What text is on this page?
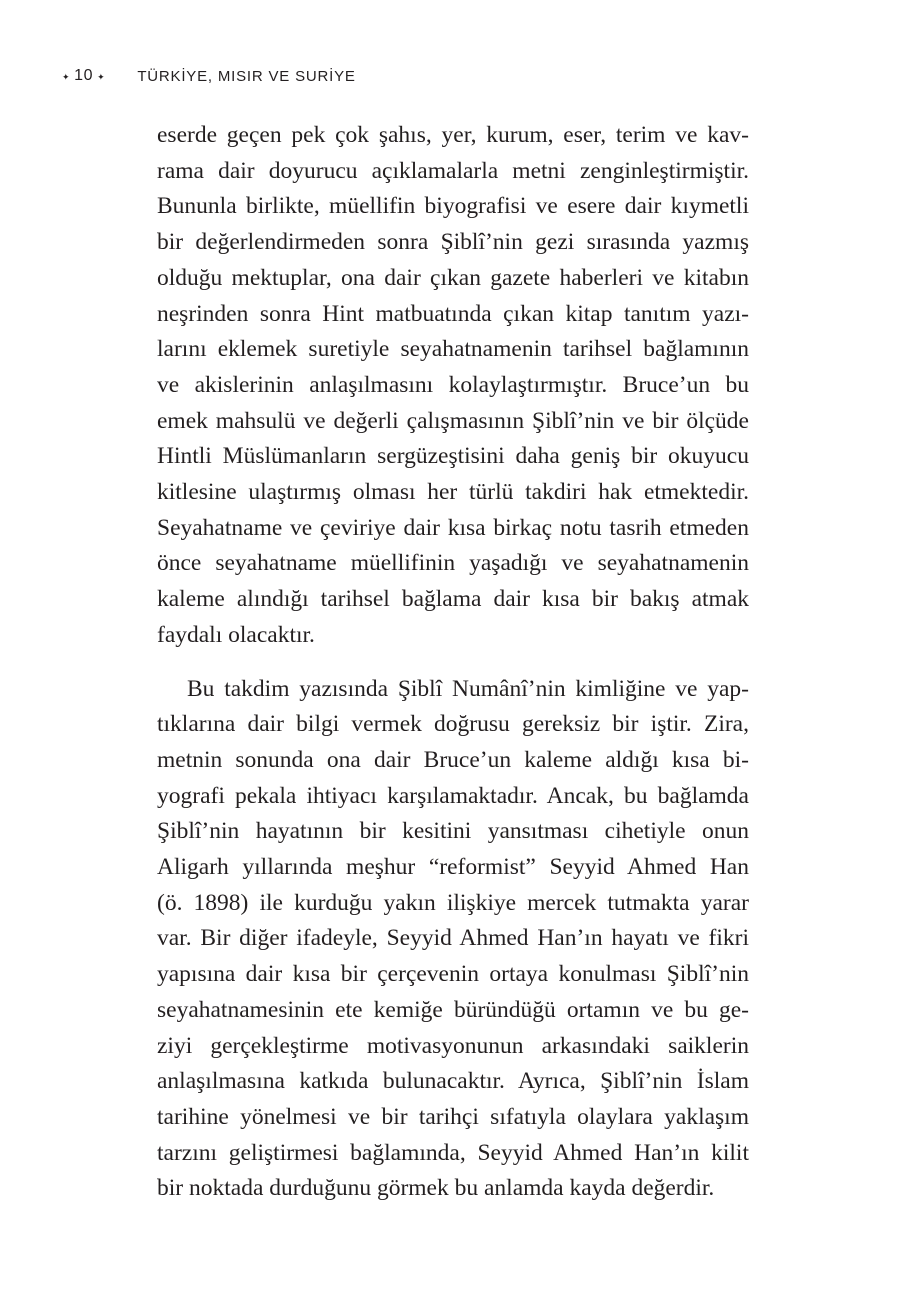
✦ 10 ✦ TÜRKİYE, MISIR VE SURİYE

eserde geçen pek çok şahıs, yer, kurum, eser, terim ve kav-
rama dair doyurucu açıklamalarla metni zenginleştirmiştir.
Bununla birlikte, müellifin biyografisi ve esere dair kıymetli
bir değerlendirmeden sonra Şiblî’nin gezi sırasında yazmış
olduğu mektuplar, ona dair çıkan gazete haberleri ve kitabın
neşrinden sonra Hint matbuatında çıkan kitap tanıtım yazı-
larını eklemek suretiyle seyahatnamenin tarihsel bağlamının
ve akislerinin anlaşılmasını kolaylaştırmıştır. Bruce’un bu
emek mahsulü ve değerli çalışmasının Şiblî’nin ve bir ölçüde
Hintli Müslümanların sergüzeştisini daha geniş bir okuyucu
kitlesine ulaştırmış olması her türlü takdiri hak etmektedir.
Seyahatname ve çeviriye dair kısa birkaç notu tasrih etmeden
önce seyahatname müellifinin yaşadığı ve seyahatnamenin
kaleme alındığı tarihsel bağlama dair kısa bir bakış atmak
faydalı olacaktır.

Bu takdim yazısında Şiblî Numânî’nin kimliğine ve yap-
tıklarına dair bilgi vermek doğrusu gereksiz bir iştir. Zira,
metnin sonunda ona dair Bruce’un kaleme aldığı kısa bi-
yografi pekala ihtiyacı karşılamaktadır. Ancak, bu bağlamda
Şiblî’nin hayatının bir kesitini yansıtması cihetiyle onun
Aligarh yıllarında meşhur “reformist” Seyyid Ahmed Han
(ö. 1898) ile kurduğu yakın ilişkiye mercek tutmakta yarar
var. Bir diğer ifadeyle, Seyyid Ahmed Han’ın hayatı ve fikri
yapısına dair kısa bir çerçevenin ortaya konulması Şiblî’nin
seyahatnamesinin ete kemiğe büründüğü ortamın ve bu ge-
ziyi gerçekleştirme motivasyonunun arkasındaki saiklerin
anlaşılmasına katkıda bulunacaktır. Ayrıca, Şiblî’nin İslam
tarihine yönelmesi ve bir tarihçi sıfatıyla olaylara yaklaşım
tarzını geliştirmesi bağlamında, Seyyid Ahmed Han’ın kilit
bir noktada durduğunu görmek bu anlamda kayda değerdir.
